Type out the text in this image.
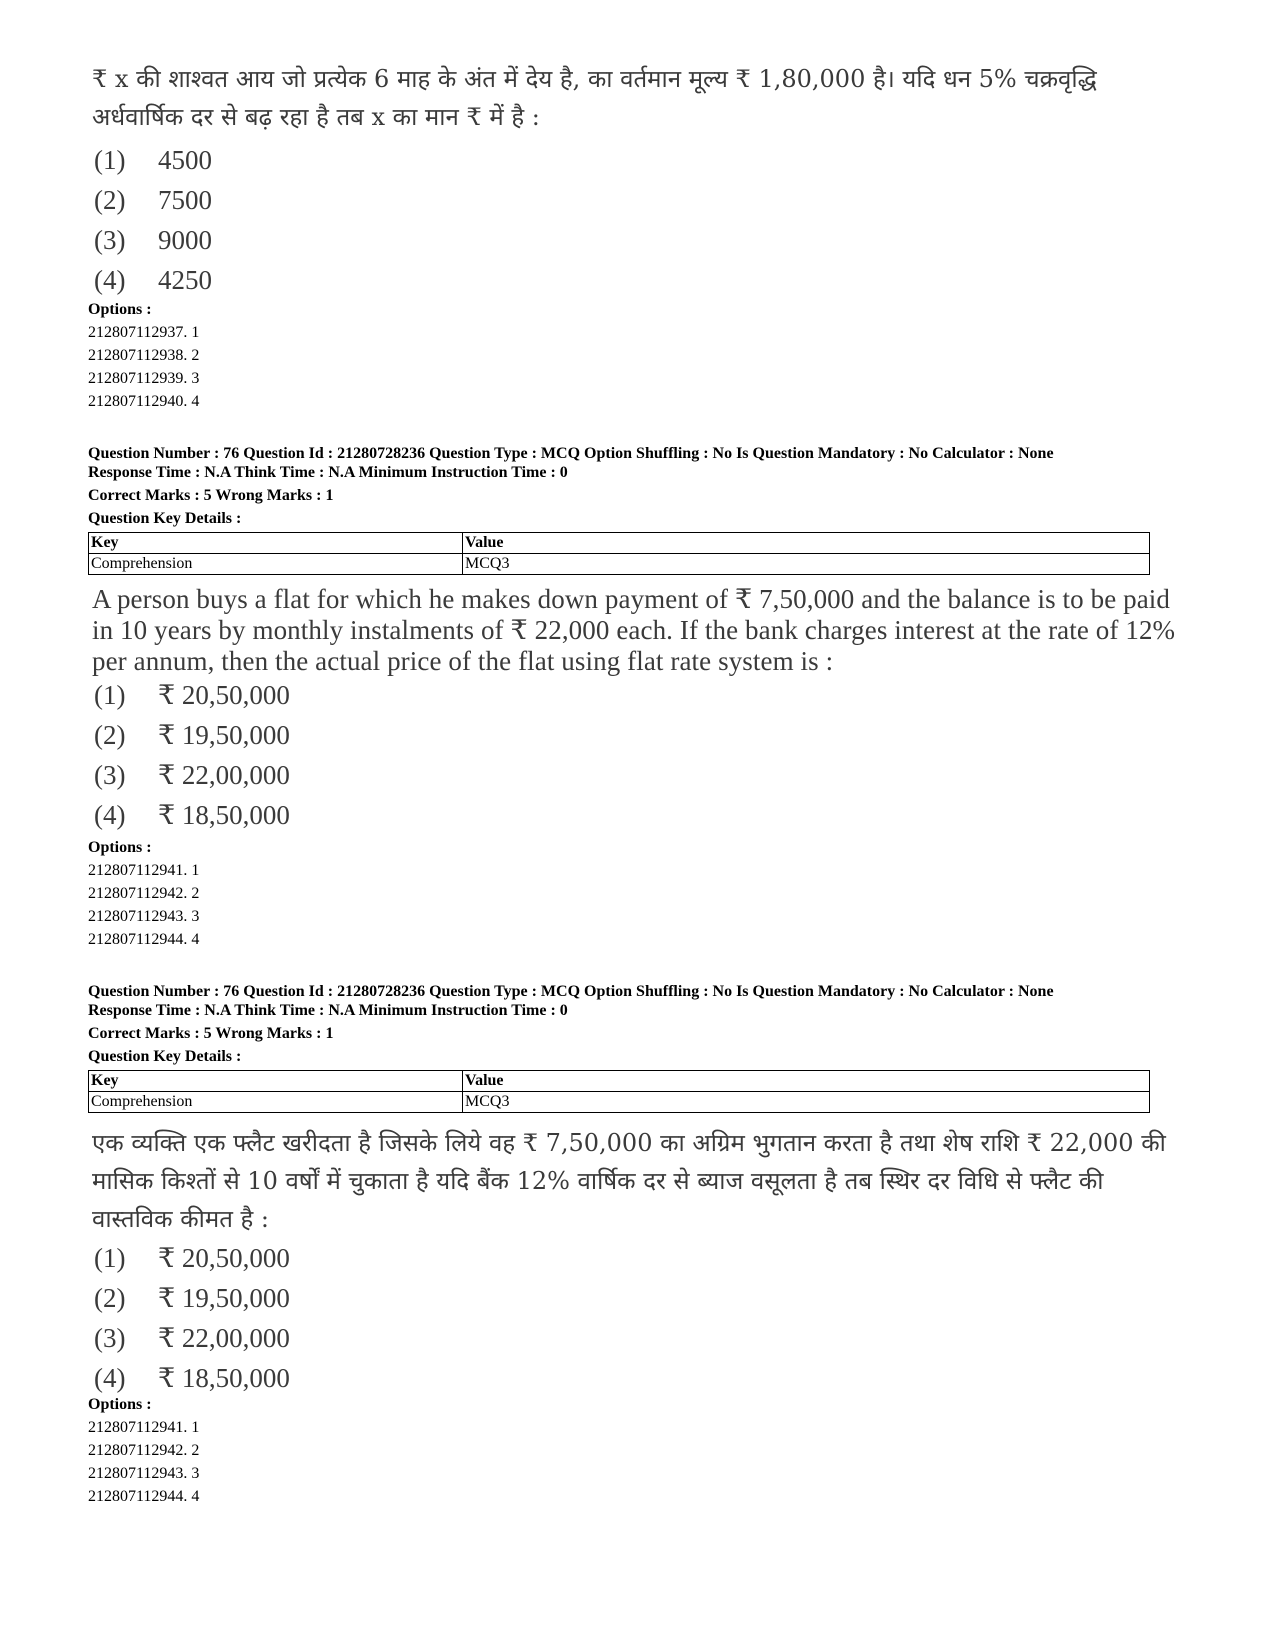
₹ x की शाश्वत आय जो प्रत्येक 6 माह के अंत में देय है, का वर्तमान मूल्य ₹ 1,80,000 है। यदि धन 5% चक्रवृद्धि
अर्धवार्षिक दर से बढ़ रहा है तब x का मान ₹ में है :
(1)	4500
(2)	7500
(3)	9000
(4)	4250
Options :
212807112937. 1
212807112938. 2
212807112939. 3
212807112940. 4
Question Number : 76 Question Id : 21280728236 Question Type : MCQ Option Shuffling : No Is Question Mandatory : No Calculator : None
Response Time : N.A Think Time : N.A Minimum Instruction Time : 0
Correct Marks : 5 Wrong Marks : 1
Question Key Details :
Key	Value
Comprehension	MCQ3
A person buys a flat for which he makes down payment of ₹ 7,50,000 and the balance is to be paid
in 10 years by monthly instalments of ₹ 22,000 each. If the bank charges interest at the rate of 12%
per annum, then the actual price of the flat using flat rate system is :
(1)	₹ 20,50,000
(2)	₹ 19,50,000
(3)	₹ 22,00,000
(4)	₹ 18,50,000
Options :
212807112941. 1
212807112942. 2
212807112943. 3
212807112944. 4
Question Number : 76 Question Id : 21280728236 Question Type : MCQ Option Shuffling : No Is Question Mandatory : No Calculator : None
Response Time : N.A Think Time : N.A Minimum Instruction Time : 0
Correct Marks : 5 Wrong Marks : 1
Question Key Details :
Key	Value
Comprehension	MCQ3
एक व्यक्ति एक फ्लैट खरीदता है जिसके लिये वह ₹ 7,50,000 का अग्रिम भुगतान करता है तथा शेष राशि ₹ 22,000 की
मासिक किश्तों से 10 वर्षों में चुकाता है यदि बैंक 12% वार्षिक दर से ब्याज वसूलता है तब स्थिर दर विधि से फ्लैट की
वास्तविक कीमत है :
(1)	₹ 20,50,000
(2)	₹ 19,50,000
(3)	₹ 22,00,000
(4)	₹ 18,50,000
Options :
212807112941. 1
212807112942. 2
212807112943. 3
212807112944. 4
